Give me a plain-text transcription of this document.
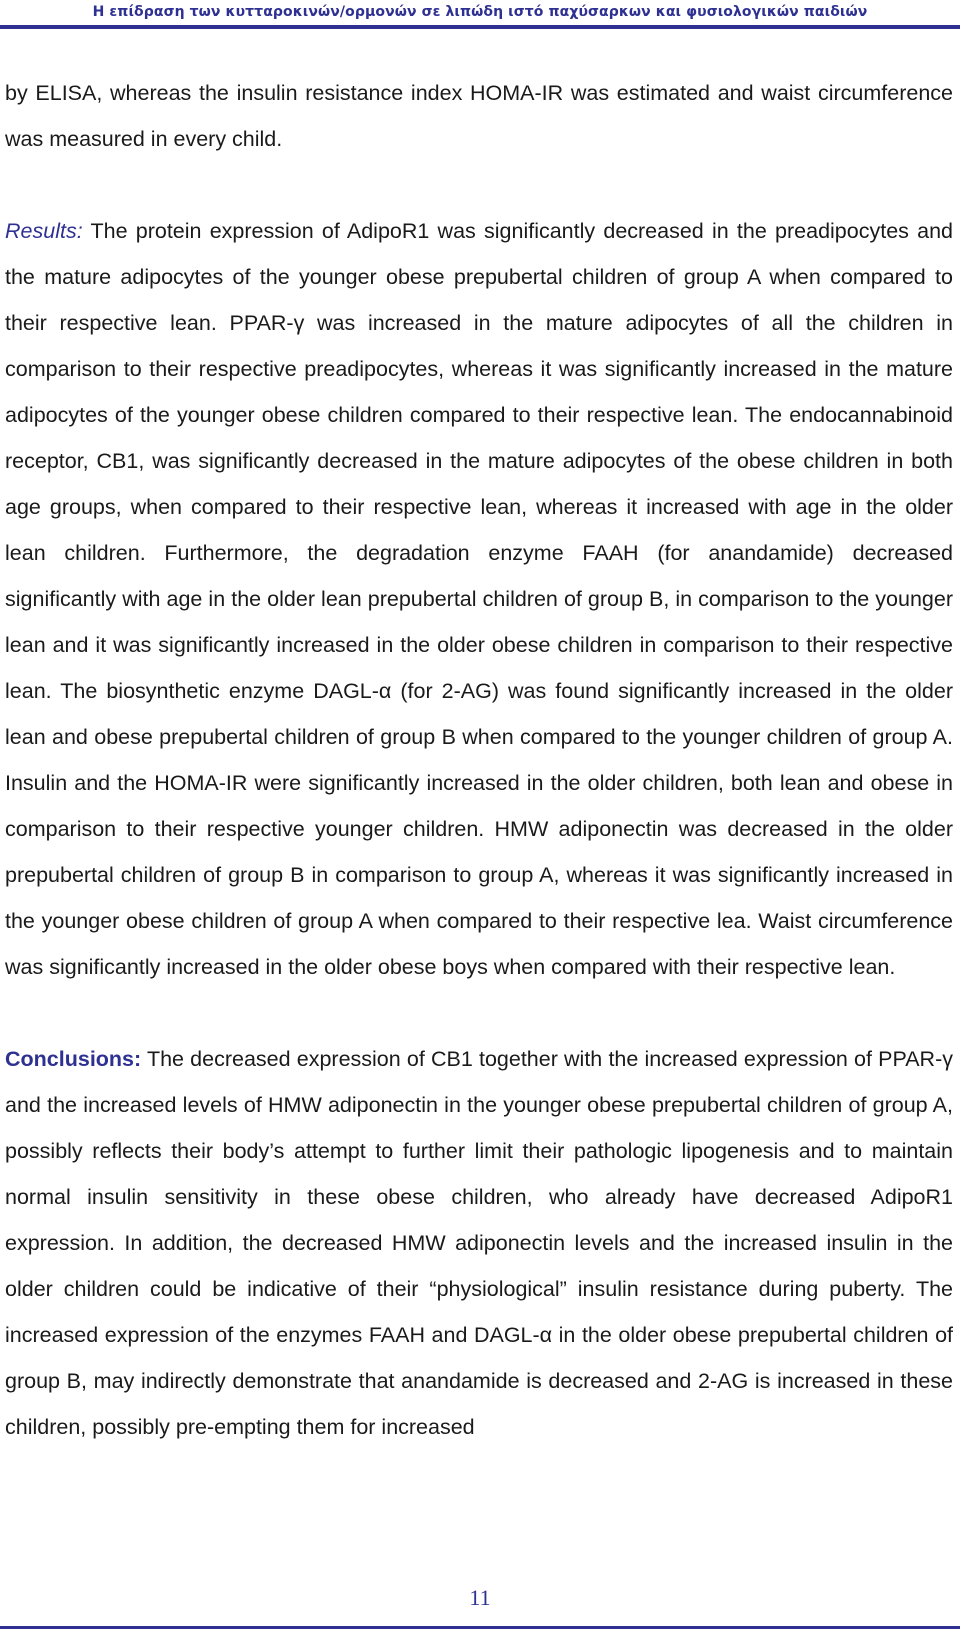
Η επίδραση των κυτταροκινών/ορμονών σε λιπώδη ιστό παχύσαρκων και φυσιολογικών παιδιών

by ELISA, whereas the insulin resistance index HOMA-IR was estimated and waist circumference was measured in every child.

Results: The protein expression of AdipoR1 was significantly decreased in the preadipocytes and the mature adipocytes of the younger obese prepubertal children of group A when compared to their respective lean. PPAR-γ was increased in the mature adipocytes of all the children in comparison to their respective preadipocytes, whereas it was significantly increased in the mature adipocytes of the younger obese children compared to their respective lean. The endocannabinoid receptor, CB1, was significantly decreased in the mature adipocytes of the obese children in both age groups, when compared to their respective lean, whereas it increased with age in the older lean children. Furthermore, the degradation enzyme FAAH (for anandamide) decreased significantly with age in the older lean prepubertal children of group B, in comparison to the younger lean and it was significantly increased in the older obese children in comparison to their respective lean. The biosynthetic enzyme DAGL-α (for 2-AG) was found significantly increased in the older lean and obese prepubertal children of group B when compared to the younger children of group A. Insulin and the HOMA-IR were significantly increased in the older children, both lean and obese in comparison to their respective younger children. HMW adiponectin was decreased in the older prepubertal children of group B in comparison to group A, whereas it was significantly increased in the younger obese children of group A when compared to their respective lea. Waist circumference was significantly increased in the older obese boys when compared with their respective lean.

Conclusions: The decreased expression of CB1 together with the increased expression of PPAR-γ and the increased levels of HMW adiponectin in the younger obese prepubertal children of group A, possibly reflects their body’s attempt to further limit their pathologic lipogenesis and to maintain normal insulin sensitivity in these obese children, who already have decreased AdipoR1 expression. In addition, the decreased HMW adiponectin levels and the increased insulin in the older children could be indicative of their “physiological” insulin resistance during puberty. The increased expression of the enzymes FAAH and DAGL-α in the older obese prepubertal children of group B, may indirectly demonstrate that anandamide is decreased and 2-AG is increased in these children, possibly pre-empting them for increased

11
